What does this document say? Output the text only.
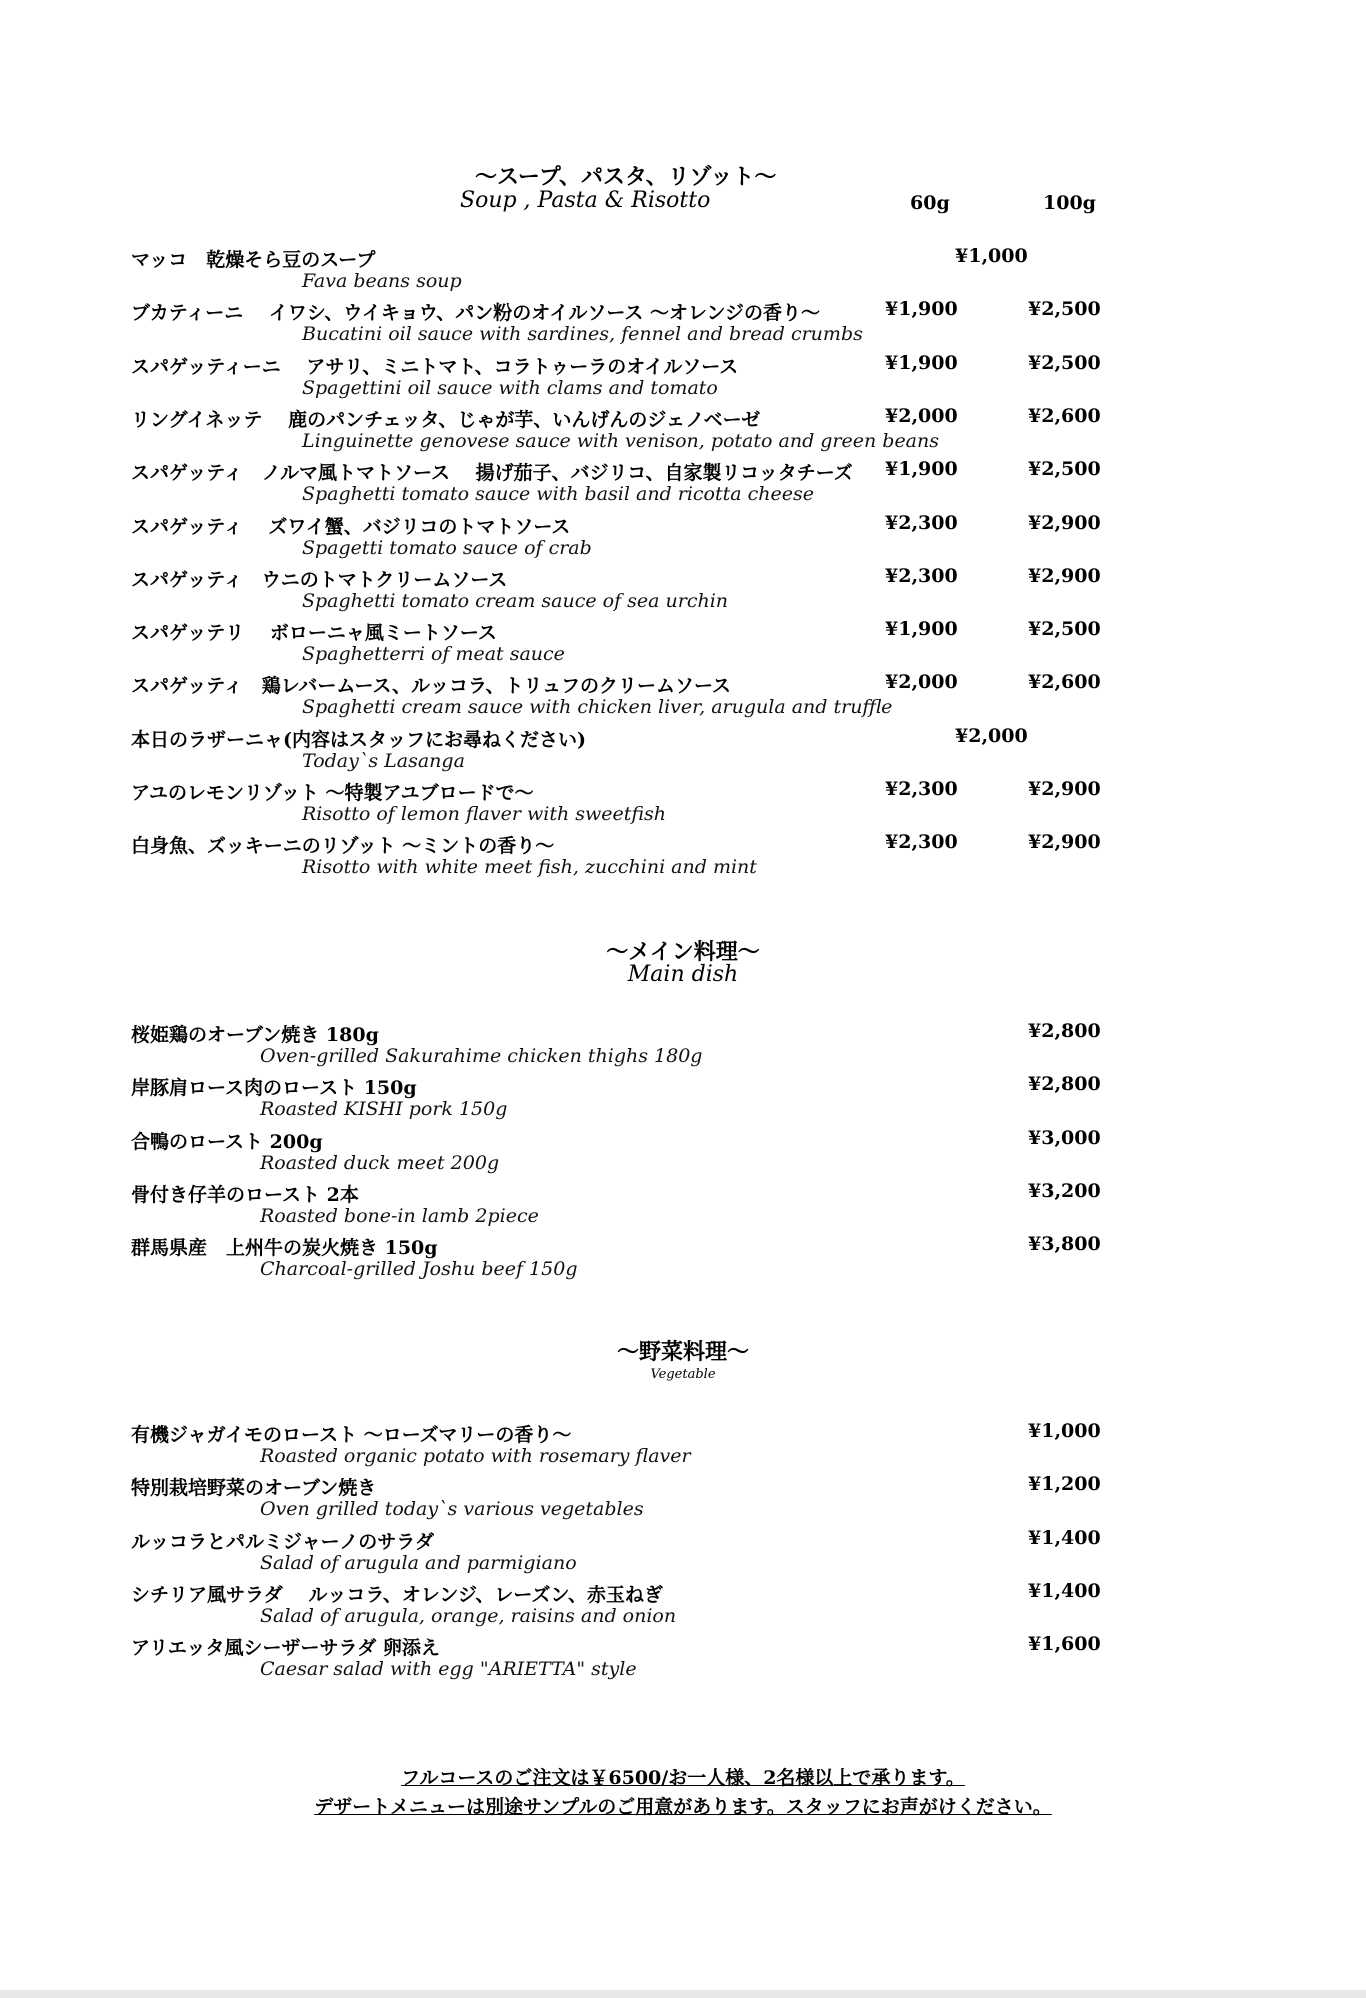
～スープ、パスタ、リゾット～
Soup , Pasta & Risotto	60g	100g
マッコ　乾燥そら豆のスープ
Fava beans soup
¥1,000
ブカティーニ　 イワシ、ウイキョウ、パン粉のオイルソース ～オレンジの香り～
Bucatini oil sauce with sardines, fennel and bread crumbs
¥1,900	¥2,500
スパゲッティーニ　 アサリ、ミニトマト、コラトゥーラのオイルソース
Spagettini oil sauce with clams and tomato
¥1,900	¥2,500
リングイネッテ　 鹿のパンチェッタ、じゃが芋、いんげんのジェノベーゼ
Linguinette genovese sauce with venison, potato and green beans
¥2,000	¥2,600
スパゲッティ　ノルマ風トマトソース　 揚げ茄子、バジリコ、自家製リコッタチーズ
Spaghetti tomato sauce with basil and ricotta cheese
¥1,900	¥2,500
スパゲッティ　 ズワイ蟹、バジリコのトマトソース
Spagetti tomato sauce of crab
¥2,300	¥2,900
スパゲッティ　ウニのトマトクリームソース
Spaghetti tomato cream sauce of sea urchin
¥2,300	¥2,900
スパゲッテリ　 ボローニャ風ミートソース
Spaghetterri of meat sauce
¥1,900	¥2,500
スパゲッティ　鶏レバームース、ルッコラ、トリュフのクリームソース
Spaghetti cream sauce with chicken liver, arugula and truffle
¥2,000	¥2,600
本日のラザーニャ(内容はスタッフにお尋ねください)
Today`s Lasanga
¥2,000
アユのレモンリゾット ～特製アユブロードで～
Risotto of lemon flaver with sweetfish
¥2,300	¥2,900
白身魚、ズッキーニのリゾット ～ミントの香り～
Risotto with white meet fish, zucchini and mint
¥2,300	¥2,900
～メイン料理～
Main dish
桜姫鶏のオーブン焼き 180g
Oven-grilled Sakurahime chicken thighs 180g
¥2,800
岸豚肩ロース肉のロースト 150g
Roasted KISHI pork 150g
¥2,800
合鴨のロースト 200g
Roasted duck meet 200g
¥3,000
骨付き仔羊のロースト 2本
Roasted bone-in lamb 2piece
¥3,200
群馬県産　上州牛の炭火焼き 150g
Charcoal-grilled Joshu beef 150g
¥3,800
～野菜料理～
Vegetable
有機ジャガイモのロースト ～ローズマリーの香り～
Roasted organic potato with rosemary flaver
¥1,000
特別栽培野菜のオーブン焼き
Oven grilled today`s various vegetables
¥1,200
ルッコラとパルミジャーノのサラダ
Salad of arugula and parmigiano
¥1,400
シチリア風サラダ　 ルッコラ、オレンジ、レーズン、赤玉ねぎ
Salad of arugula, orange, raisins and onion
¥1,400
アリエッタ風シーザーサラダ 卵添え
Caesar salad with egg "ARIETTA" style
¥1,600
フルコースのご注文は￥6500/お一人様、2名様以上で承ります。
デザートメニューは別途サンプルのご用意があります。スタッフにお声がけください。
